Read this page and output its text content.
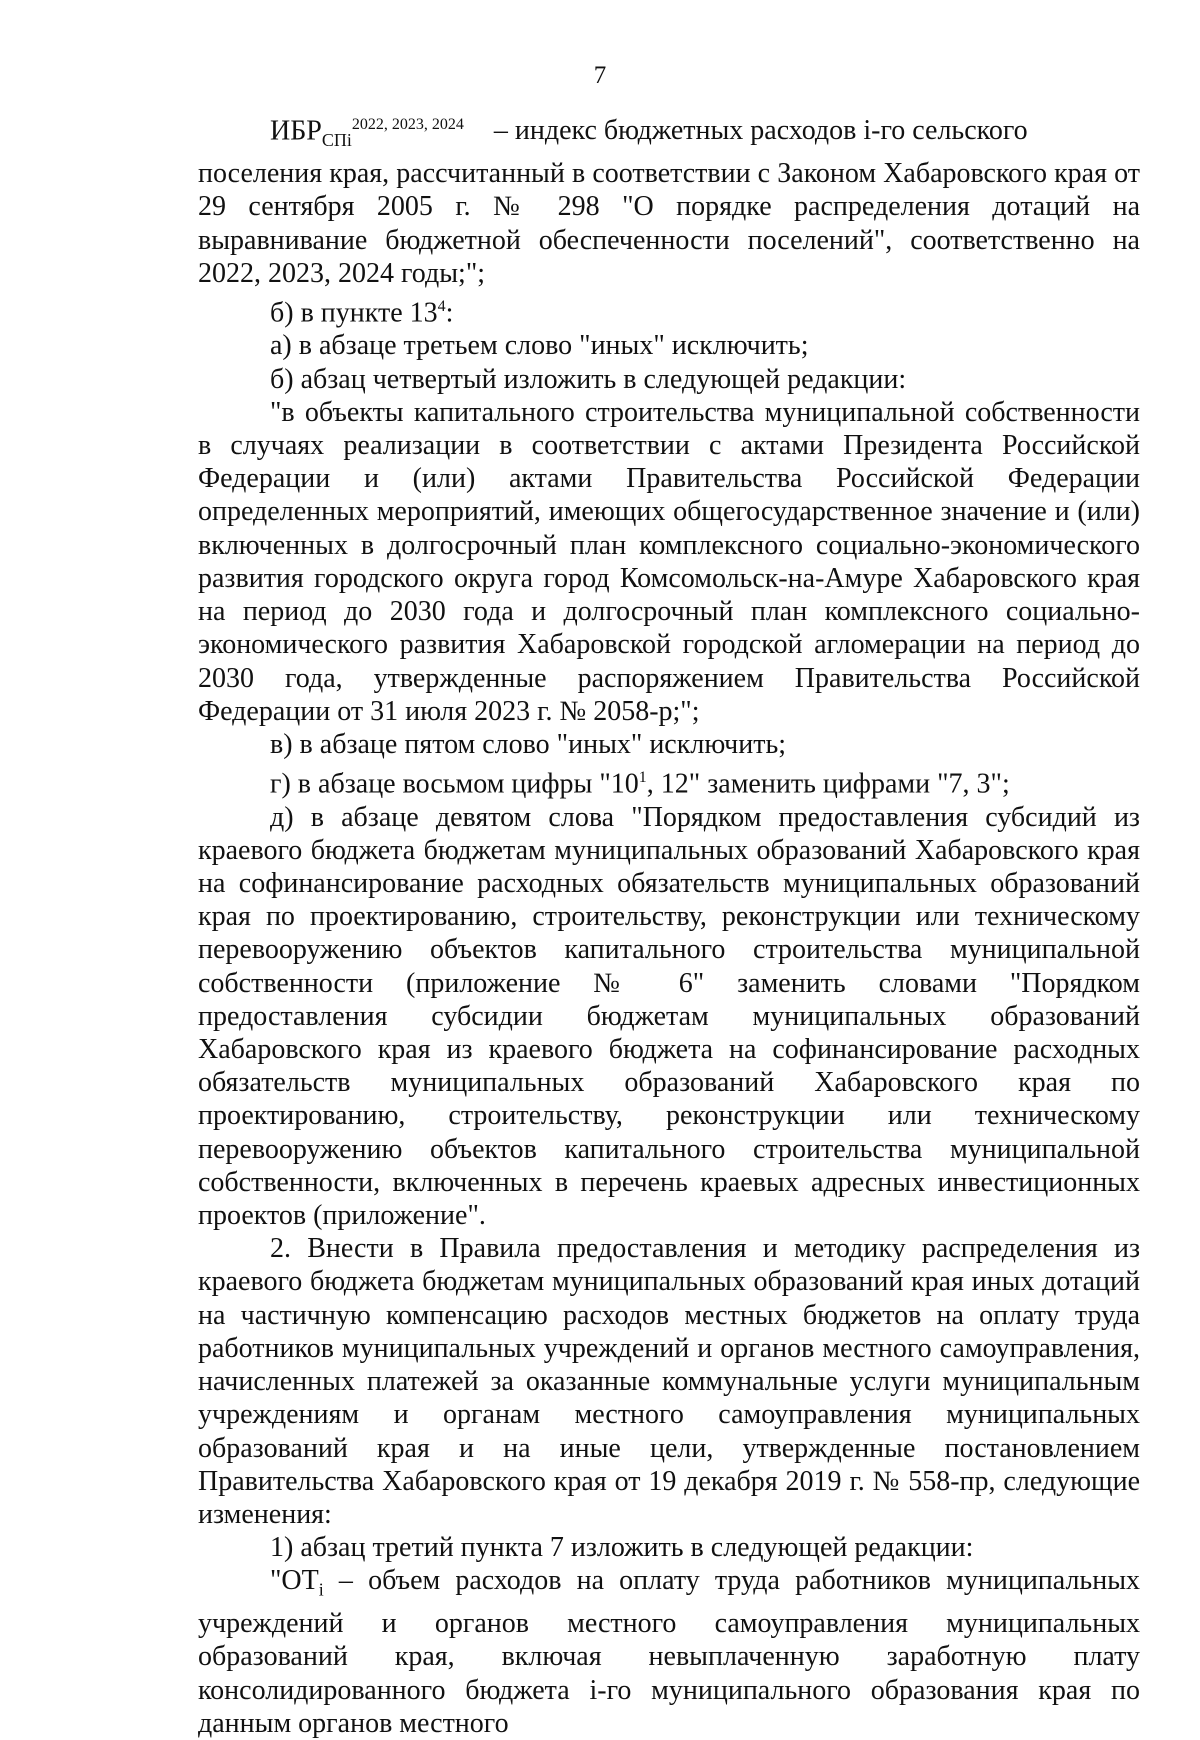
7
$ИБР_{СПi}^{2022, 2023, 2024}$ – индекс бюджетных расходов i-го сельского

поселения края, рассчитанный в соответствии с Законом Хабаровского края от 29 сентября 2005 г. № 298 "О порядке распределения дотаций на выравнивание бюджетной обеспеченности поселений", соответственно на 2022, 2023, 2024 годы;";

б) в пункте $13^4$:

а) в абзаце третьем слово "иных" исключить;

б) абзац четвертый изложить в следующей редакции:

"в объекты капитального строительства муниципальной собственности в случаях реализации в соответствии с актами Президента Российской Федерации и (или) актами Правительства Российской Федерации определенных мероприятий, имеющих общегосударственное значение и (или) включенных в долгосрочный план комплексного социально-экономического развития городского округа город Комсомольск-на-Амуре Хабаровского края на период до 2030 года и долгосрочный план комплексного социально-экономического развития Хабаровской городской агломерации на период до 2030 года, утвержденные распоряжением Правительства Российской Федерации от 31 июля 2023 г. № 2058-р;";

в) в абзаце пятом слово "иных" исключить;

г) в абзаце восьмом цифры "$10^1$, 12" заменить цифрами "7, 3";

д) в абзаце девятом слова "Порядком предоставления субсидий из краевого бюджета бюджетам муниципальных образований Хабаровского края на софинансирование расходных обязательств муниципальных образований края по проектированию, строительству, реконструкции или техническому перевооружению объектов капитального строительства муниципальной собственности (приложение № 6" заменить словами "Порядком предоставления субсидии бюджетам муниципальных образований Хабаровского края из краевого бюджета на софинансирование расходных обязательств муниципальных образований Хабаровского края по проектированию, строительству, реконструкции или техническому перевооружению объектов капитального строительства муниципальной собственности, включенных в перечень краевых адресных инвестиционных проектов (приложение".

2. Внести в Правила предоставления и методику распределения из краевого бюджета бюджетам муниципальных образований края иных дотаций на частичную компенсацию расходов местных бюджетов на оплату труда работников муниципальных учреждений и органов местного самоуправления, начисленных платежей за оказанные коммунальные услуги муниципальным учреждениям и органам местного самоуправления муниципальных образований края и на иные цели, утвержденные постановлением Правительства Хабаровского края от 19 декабря 2019 г. № 558-пр, следующие изменения:

1) абзац третий пункта 7 изложить в следующей редакции:

"$ОТ_i$ – объем расходов на оплату труда работников муниципальных учреждений и органов местного самоуправления муниципальных образований края, включая невыплаченную заработную плату консолидированного бюджета i-го муниципального образования края по данным органов местного
